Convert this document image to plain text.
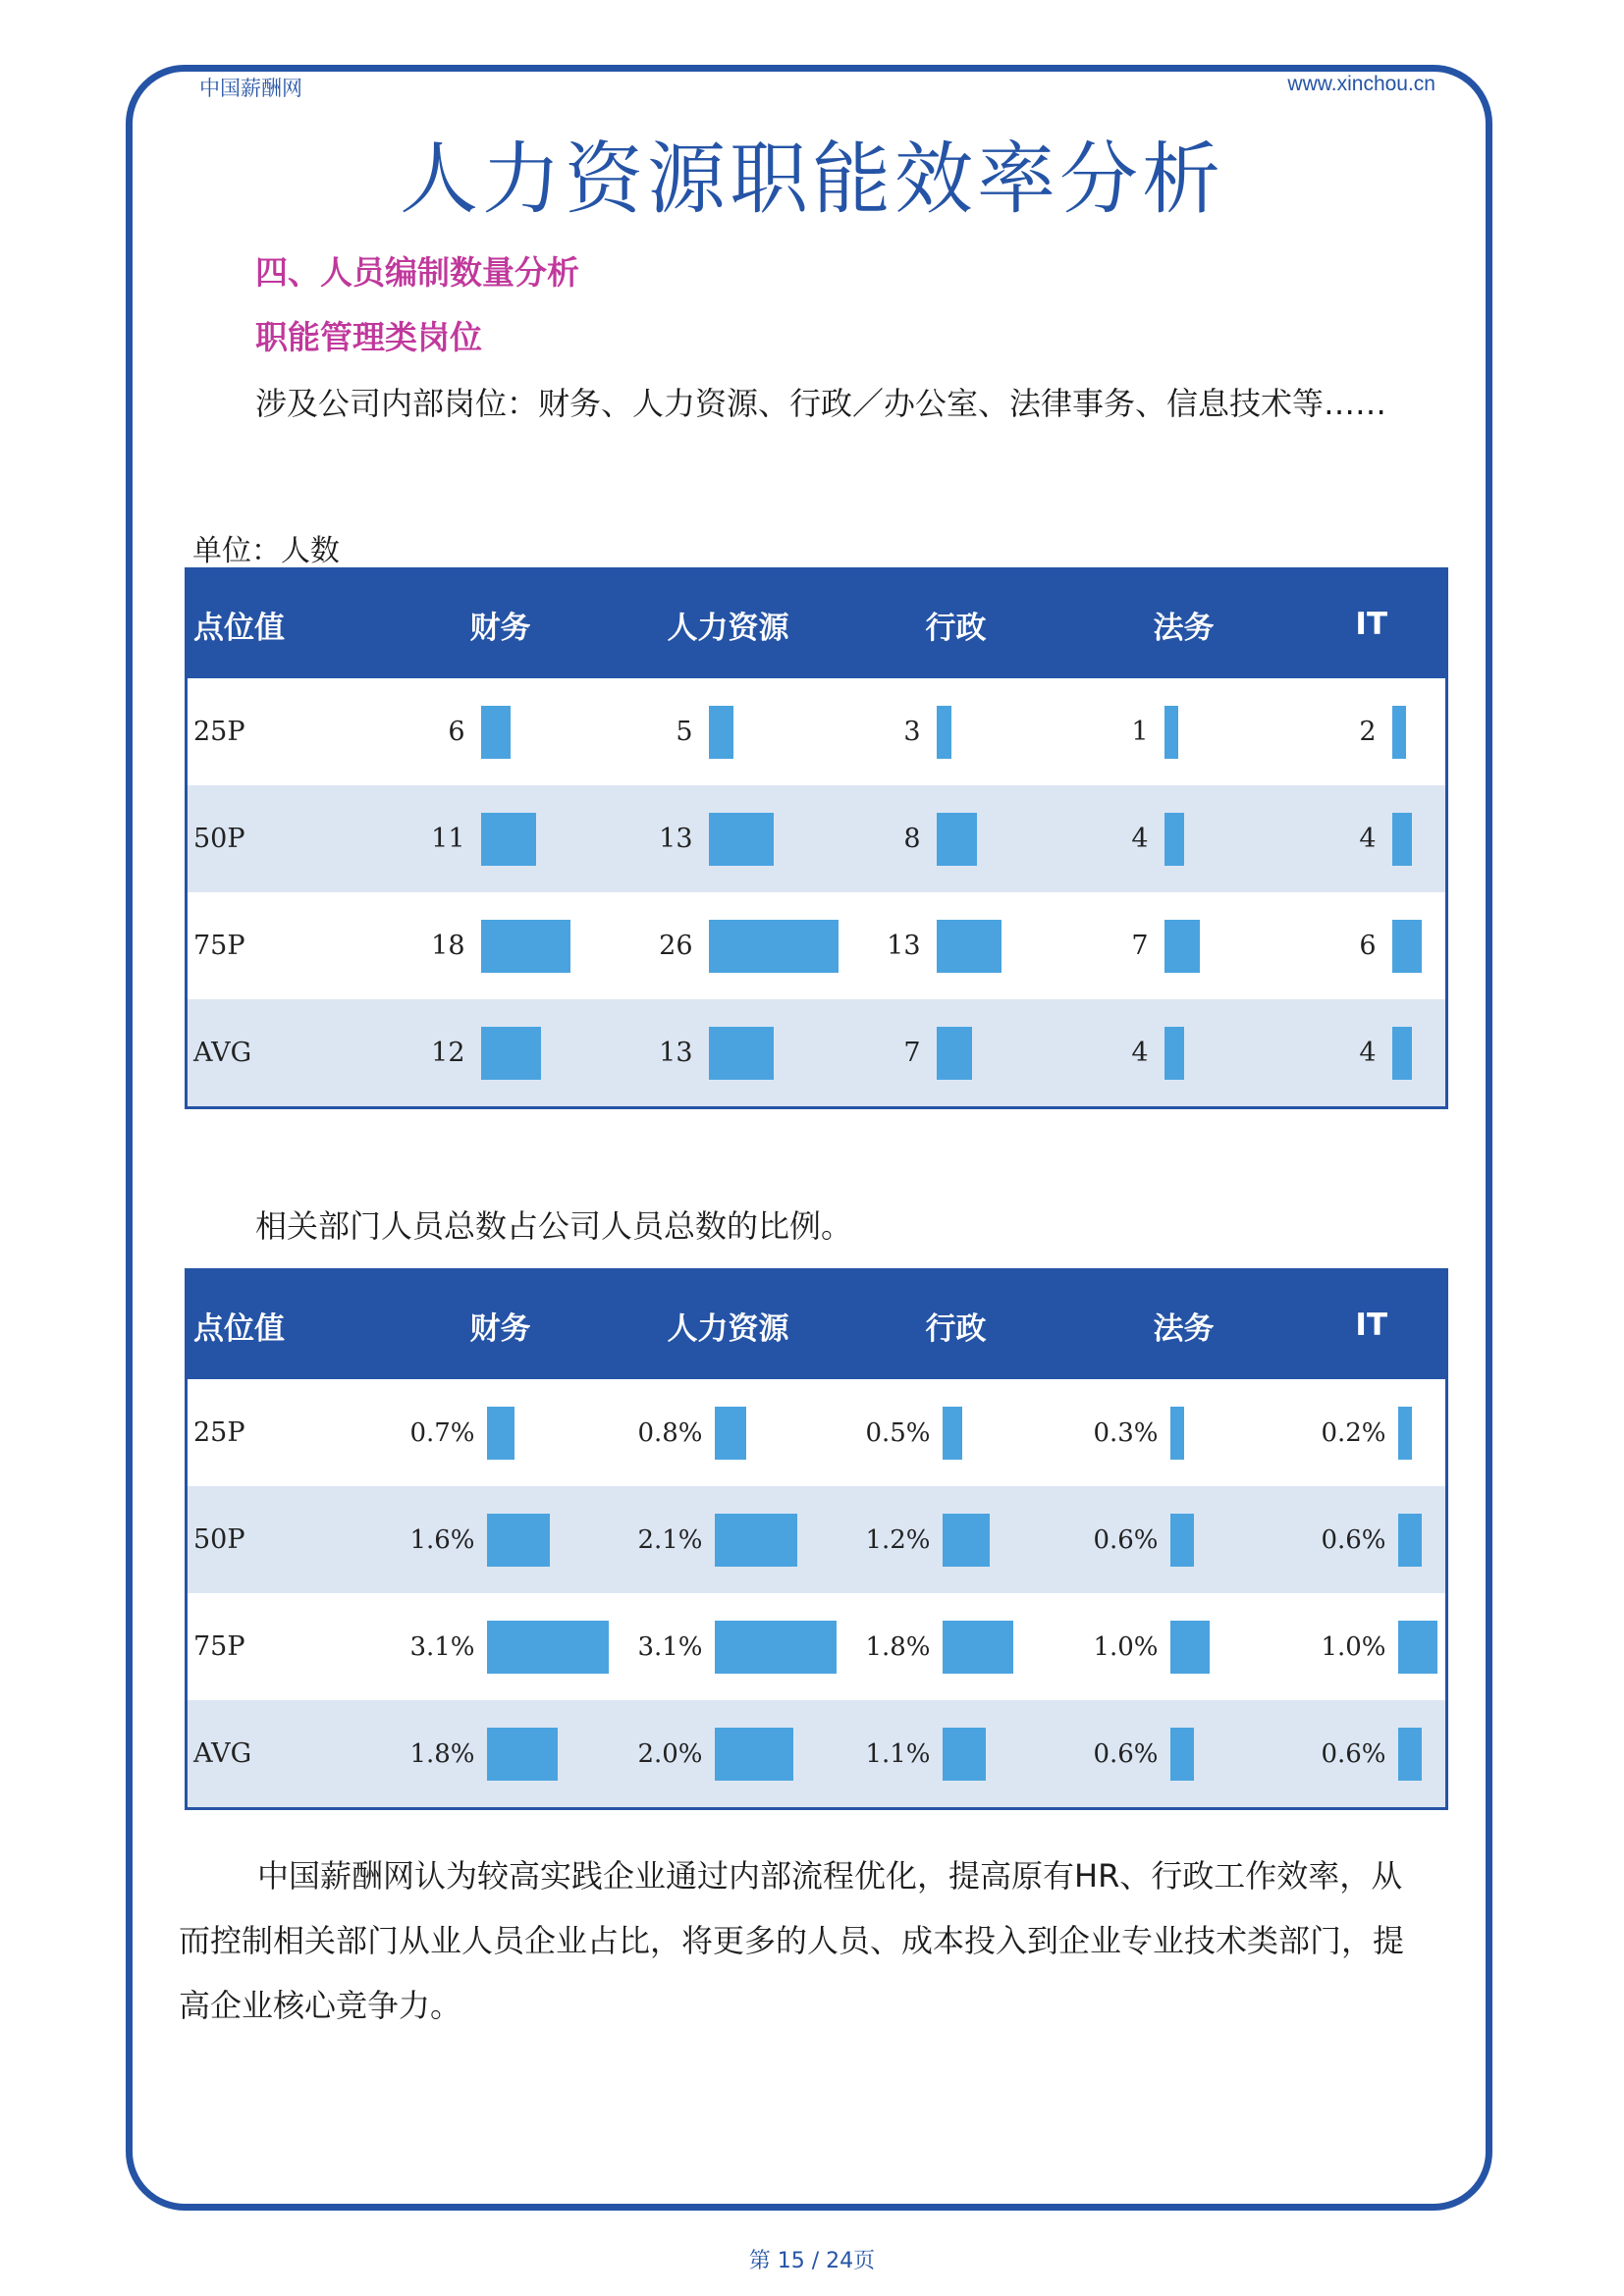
中国薪酬网	www.xinchou.cn
人力资源职能效率分析
四、人员编制数量分析
职能管理类岗位
涉及公司内部岗位：财务、人力资源、行政／办公室、法律事务、信息技术等……
单位：人数
点位值	财务	人力资源	行政	法务	IT
25P	6	5	3	1	2

50P	11	13	8	4	4

75P	18	26	13	7	6

AVG	12	13	7	4	4
相关部门人员总数占公司人员总数的比例。
点位值	财务	人力资源	行政	法务	IT
25P	0.7%	0.8%	0.5%	0.3%	0.2%

50P	1.6%	2.1%	1.2%	0.6%	0.6%

75P	3.1%	3.1%	1.8%	1.0%	1.0%

AVG	1.8%	2.0%	1.1%	0.6%	0.6%
中国薪酬网认为较高实践企业通过内部流程优化，提高原有HR、行政工作效率，从
而控制相关部门从业人员企业占比，将更多的人员、成本投入到企业专业技术类部门，提
高企业核心竞争力。
第 15 / 24页
